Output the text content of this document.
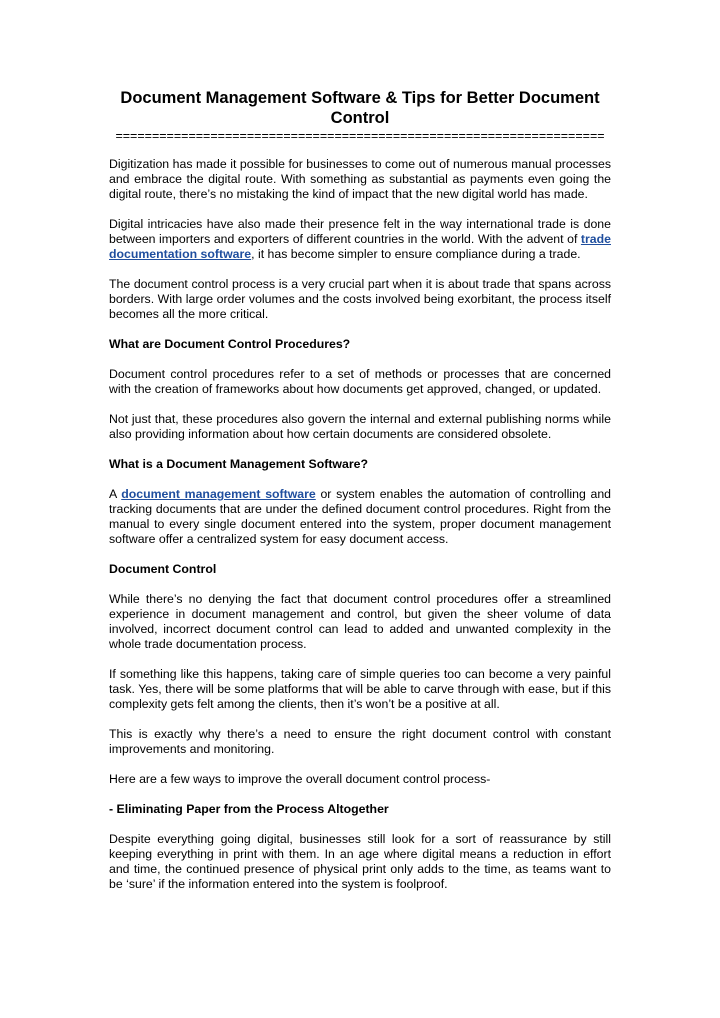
Document Management Software & Tips for Better Document
Control
===================================================================

Digitization has made it possible for businesses to come out of numerous manual processes and embrace the digital route. With something as substantial as payments even going the digital route, there’s no mistaking the kind of impact that the new digital world has made.

Digital intricacies have also made their presence felt in the way international trade is done between importers and exporters of different countries in the world. With the advent of trade documentation software, it has become simpler to ensure compliance during a trade.

The document control process is a very crucial part when it is about trade that spans across borders. With large order volumes and the costs involved being exorbitant, the process itself becomes all the more critical.

What are Document Control Procedures?

Document control procedures refer to a set of methods or processes that are concerned with the creation of frameworks about how documents get approved, changed, or updated.

Not just that, these procedures also govern the internal and external publishing norms while also providing information about how certain documents are considered obsolete.

What is a Document Management Software?

A document management software or system enables the automation of controlling and tracking documents that are under the defined document control procedures. Right from the manual to every single document entered into the system, proper document management software offer a centralized system for easy document access.

Document Control

While there’s no denying the fact that document control procedures offer a streamlined experience in document management and control, but given the sheer volume of data involved, incorrect document control can lead to added and unwanted complexity in the whole trade documentation process.

If something like this happens, taking care of simple queries too can become a very painful task. Yes, there will be some platforms that will be able to carve through with ease, but if this complexity gets felt among the clients, then it’s won’t be a positive at all.

This is exactly why there’s a need to ensure the right document control with constant improvements and monitoring.

Here are a few ways to improve the overall document control process-

- Eliminating Paper from the Process Altogether

Despite everything going digital, businesses still look for a sort of reassurance by still keeping everything in print with them. In an age where digital means a reduction in effort and time, the continued presence of physical print only adds to the time, as teams want to be ‘sure’ if the information entered into the system is foolproof.
